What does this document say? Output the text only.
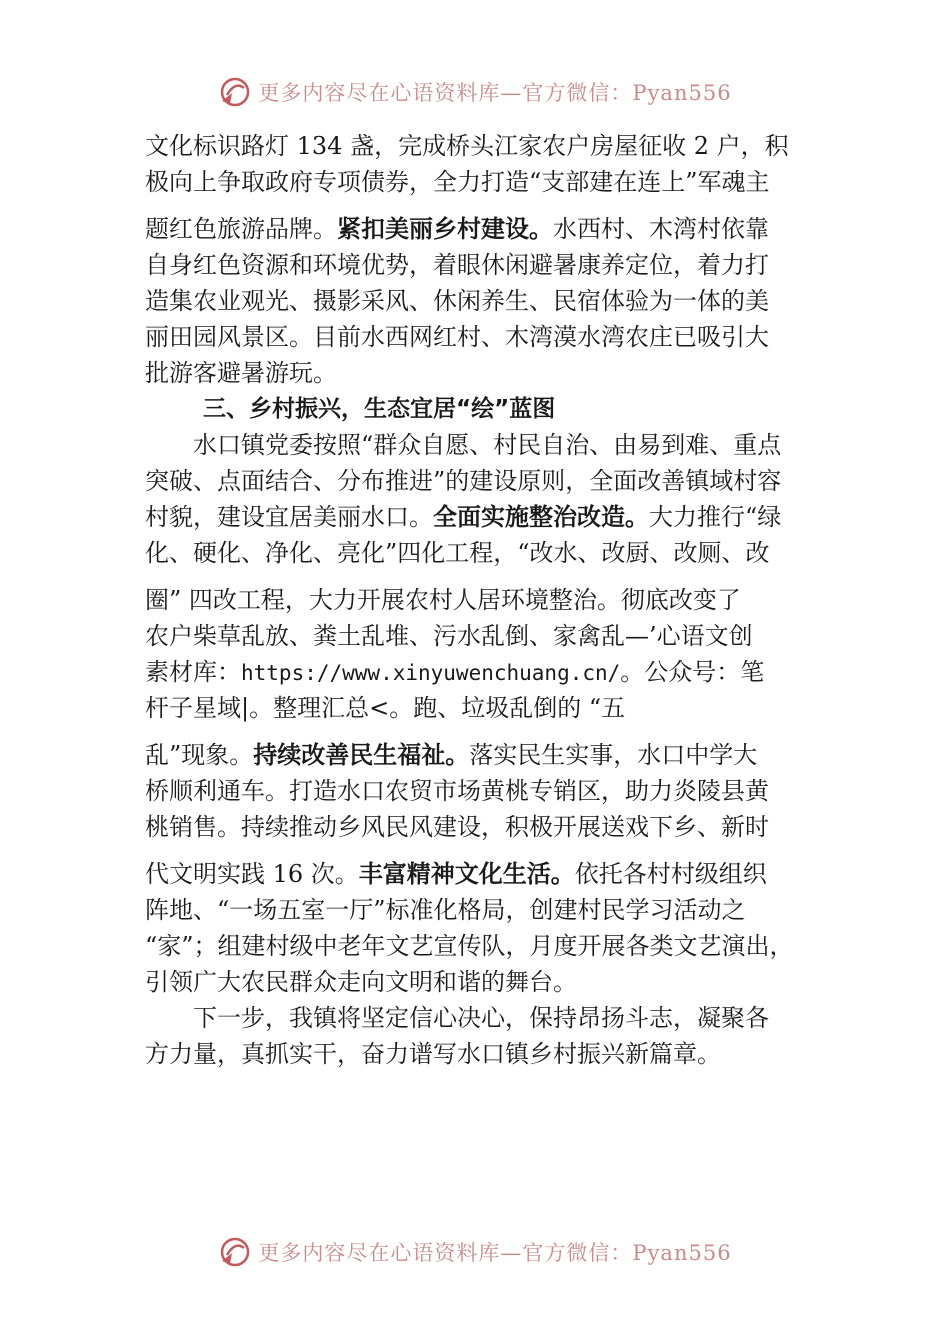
更多内容尽在心语资料库—官方微信：Pyan556
文化标识路灯 134 盏，完成桥头江家农户房屋征收 2 户，积
极向上争取政府专项债券，全力打造“支部建在连上”军魂主
题红色旅游品牌。紧扣美丽乡村建设。水西村、木湾村依靠
自身红色资源和环境优势，着眼休闲避暑康养定位，着力打
造集农业观光、摄影采风、休闲养生、民宿体验为一体的美
丽田园风景区。目前水西网红村、木湾漠水湾农庄已吸引大
批游客避暑游玩。
三、乡村振兴，生态宜居“绘”蓝图
水口镇党委按照“群众自愿、村民自治、由易到难、重点
突破、点面结合、分布推进”的建设原则，全面改善镇域村容
村貌，建设宜居美丽水口。全面实施整治改造。大力推行“绿
化、硬化、净化、亮化”四化工程，“改水、改厨、改厕、改
圈” 四改工程，大力开展农村人居环境整治。彻底改变了
农户柴草乱放、粪土乱堆、污水乱倒、家禽乱—’心语文创
素材库：https://www.xinyuwenchuang.cn/。公众号：笔
杆子星域|。整理汇总<。跑、垃圾乱倒的 “五
乱”现象。持续改善民生福祉。落实民生实事，水口中学大
桥顺利通车。打造水口农贸市场黄桃专销区，助力炎陵县黄
桃销售。持续推动乡风民风建设，积极开展送戏下乡、新时
代文明实践 16 次。丰富精神文化生活。依托各村村级组织
阵地、“一场五室一厅”标准化格局，创建村民学习活动之
“家”；组建村级中老年文艺宣传队，月度开展各类文艺演出，
引领广大农民群众走向文明和谐的舞台。
下一步，我镇将坚定信心决心，保持昂扬斗志，凝聚各
方力量，真抓实干，奋力谱写水口镇乡村振兴新篇章。
更多内容尽在心语资料库—官方微信：Pyan556
